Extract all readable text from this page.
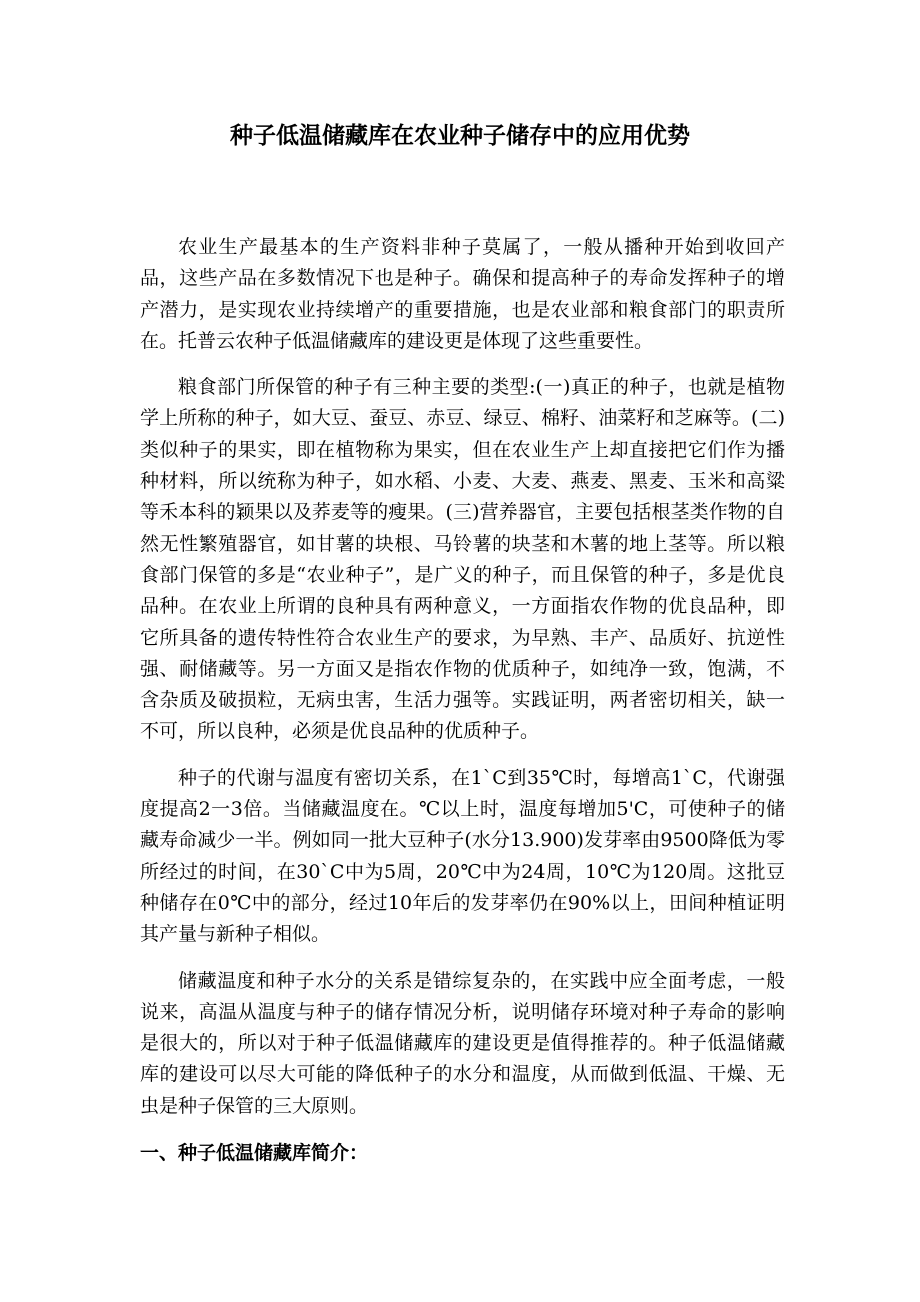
种子低温储藏库在农业种子储存中的应用优势

农业生产最基本的生产资料非种子莫属了，一般从播种开始到收回产品，这些产品在多数情况下也是种子。确保和提高种子的寿命发挥种子的增产潜力，是实现农业持续增产的重要措施，也是农业部和粮食部门的职责所在。托普云农种子低温储藏库的建设更是体现了这些重要性。

粮食部门所保管的种子有三种主要的类型:(一)真正的种子，也就是植物学上所称的种子，如大豆、蚕豆、赤豆、绿豆、棉籽、油菜籽和芝麻等。(二)类似种子的果实，即在植物称为果实，但在农业生产上却直接把它们作为播种材料，所以统称为种子，如水稻、小麦、大麦、燕麦、黑麦、玉米和高粱等禾本科的颖果以及荞麦等的瘦果。(三)营养器官，主要包括根茎类作物的自然无性繁殖器官，如甘薯的块根、马铃薯的块茎和木薯的地上茎等。所以粮食部门保管的多是“农业种子”，是广义的种子，而且保管的种子，多是优良品种。在农业上所谓的良种具有两种意义，一方面指农作物的优良品种，即它所具备的遗传特性符合农业生产的要求，为早熟、丰产、品质好、抗逆性强、耐储藏等。另一方面又是指农作物的优质种子，如纯净一致，饱满，不含杂质及破损粒，无病虫害，生活力强等。实践证明，两者密切相关，缺一不可，所以良种，必须是优良品种的优质种子。

种子的代谢与温度有密切关系，在1`C到35℃时，每增高1`C，代谢强度提高2一3倍。当储藏温度在。℃以上时，温度每增加5'C，可使种子的储藏寿命减少一半。例如同一批大豆种子(水分13.900)发芽率由9500降低为零所经过的时间，在30`C中为5周，20℃中为24周，10℃为120周。这批豆种储存在0℃中的部分，经过10年后的发芽率仍在90%以上，田间种植证明其产量与新种子相似。

储藏温度和种子水分的关系是错综复杂的，在实践中应全面考虑，一般说来，高温从温度与种子的储存情况分析，说明储存环境对种子寿命的影响是很大的，所以对于种子低温储藏库的建设更是值得推荐的。种子低温储藏库的建设可以尽大可能的降低种子的水分和温度，从而做到低温、干燥、无虫是种子保管的三大原则。

一、种子低温储藏库简介：
